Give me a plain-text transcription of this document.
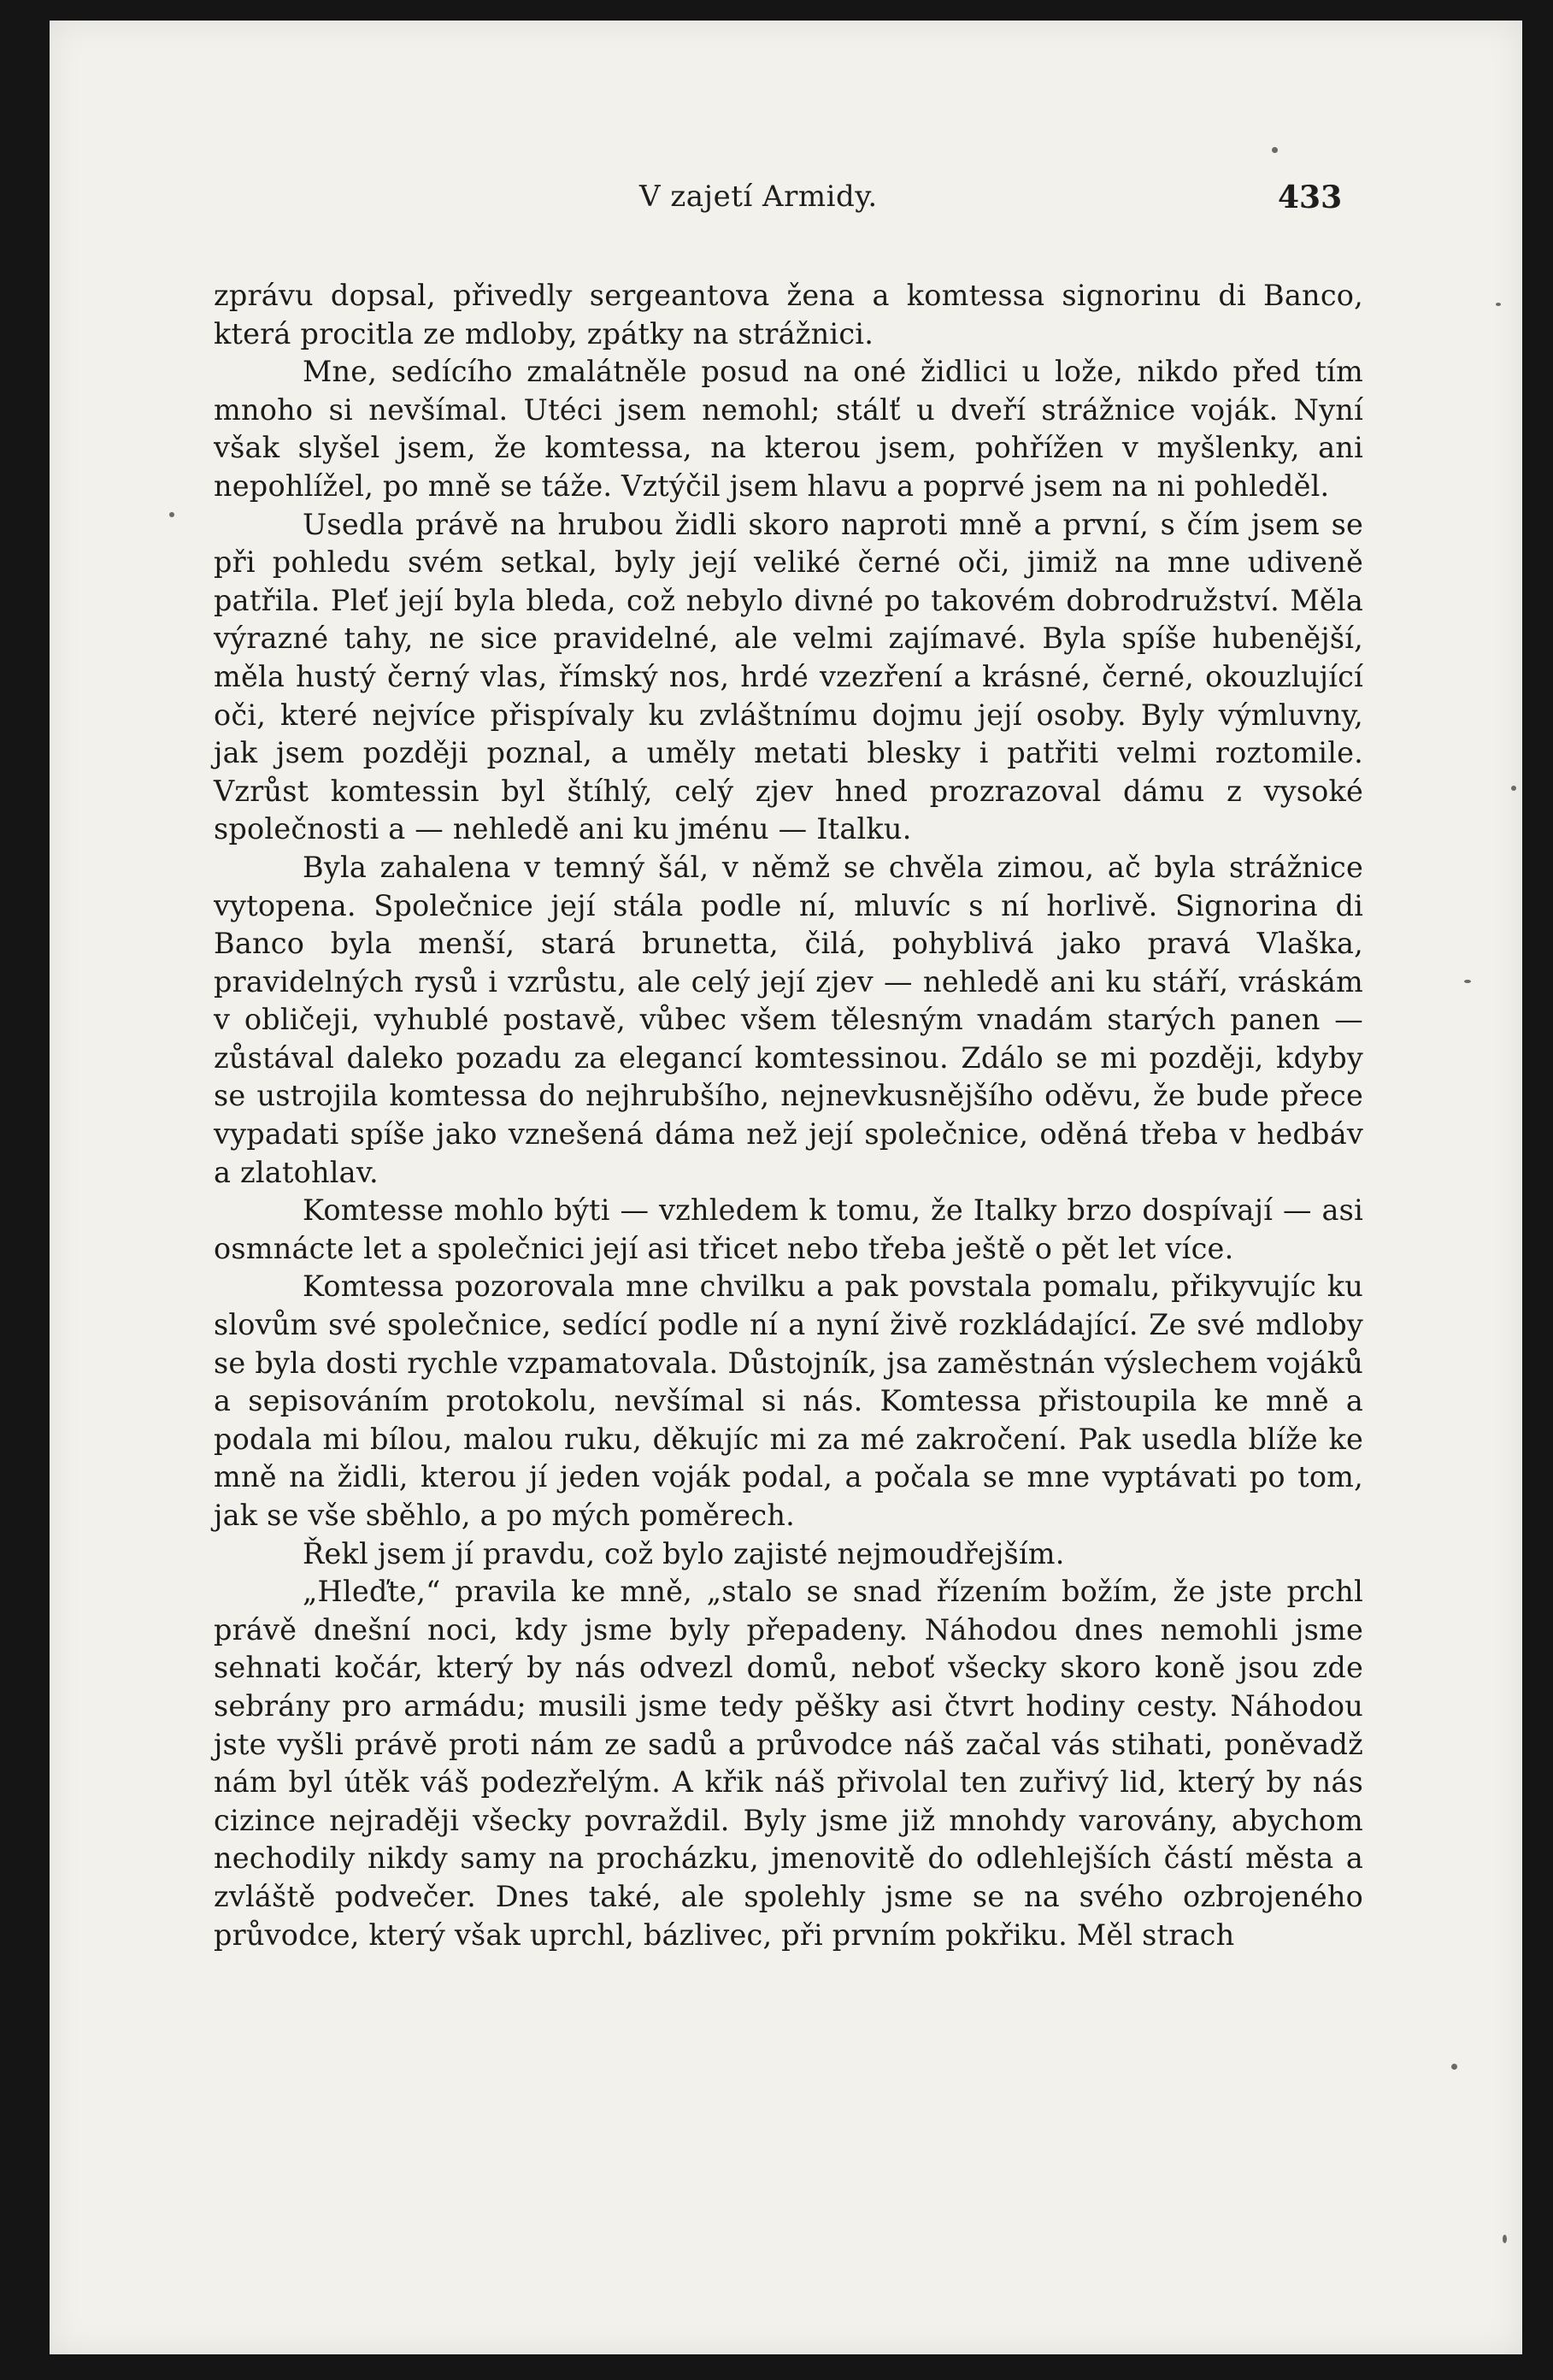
V zajetí Armidy.	433

zprávu dopsal, přivedly sergeantova žena a komtessa signorinu di Banco, která procitla ze mdloby, zpátky na strážnici.

Mne, sedícího zmalátněle posud na oné židlici u lože, nikdo před tím mnoho si nevšímal. Utéci jsem nemohl; stálť u dveří strážnice voják. Nyní však slyšel jsem, že komtessa, na kterou jsem, pohřížen v myšlenky, ani nepohlížel, po mně se táže. Vztýčil jsem hlavu a poprvé jsem na ni pohleděl.

Usedla právě na hrubou židli skoro naproti mně a první, s čím jsem se při pohledu svém setkal, byly její veliké černé oči, jimiž na mne udiveně patřila. Pleť její byla bleda, což nebylo divné po takovém dobrodružství. Měla výrazné tahy, ne sice pravidelné, ale velmi zajímavé. Byla spíše hubenější, měla hustý černý vlas, římský nos, hrdé vzezření a krásné, černé, okouzlující oči, které nejvíce přispívaly ku zvláštnímu dojmu její osoby. Byly výmluvny, jak jsem později poznal, a uměly metati blesky i patřiti velmi roztomile. Vzrůst komtessin byl štíhlý, celý zjev hned prozrazoval dámu z vysoké společnosti a — nehledě ani ku jménu — Italku.

Byla zahalena v temný šál, v němž se chvěla zimou, ač byla strážnice vytopena. Společnice její stála podle ní, mluvíc s ní horlivě. Signorina di Banco byla menší, stará brunetta, čilá, pohyblivá jako pravá Vlaška, pravidelných rysů i vzrůstu, ale celý její zjev — nehledě ani ku stáří, vráskám v obličeji, vyhublé postavě, vůbec všem tělesným vnadám starých panen — zůstával daleko pozadu za elegancí komtessinou. Zdálo se mi později, kdyby se ustrojila komtessa do nejhrubšího, nejnevkusnějšího oděvu, že bude přece vypadati spíše jako vznešená dáma než její společnice, oděná třeba v hedbáv a zlatohlav.

Komtesse mohlo býti — vzhledem k tomu, že Italky brzo dospívají — asi osmnácte let a společnici její asi třicet nebo třeba ještě o pět let více.

Komtessa pozorovala mne chvilku a pak povstala pomalu, přikyvujíc ku slovům své společnice, sedící podle ní a nyní živě rozkládající. Ze své mdloby se byla dosti rychle vzpamatovala. Důstojník, jsa zaměstnán výslechem vojáků a sepisováním protokolu, nevšímal si nás. Komtessa přistoupila ke mně a podala mi bílou, malou ruku, děkujíc mi za mé zakročení. Pak usedla blíže ke mně na židli, kterou jí jeden voják podal, a počala se mne vyptávati po tom, jak se vše sběhlo, a po mých poměrech.

Řekl jsem jí pravdu, což bylo zajisté nejmoudřejším.

„Hleďte,“ pravila ke mně, „stalo se snad řízením božím, že jste prchl právě dnešní noci, kdy jsme byly přepadeny. Náhodou dnes nemohli jsme sehnati kočár, který by nás odvezl domů, neboť všecky skoro koně jsou zde sebrány pro armádu; musili jsme tedy pěšky asi čtvrt hodiny cesty. Náhodou jste vyšli právě proti nám ze sadů a průvodce náš začal vás stihati, poněvadž nám byl útěk váš podezřelým. A křik náš přivolal ten zuřivý lid, který by nás cizince nejraději všecky povraždil. Byly jsme již mnohdy varovány, abychom nechodily nikdy samy na procházku, jmenovitě do odlehlejších částí města a zvláště podvečer. Dnes také, ale spolehly jsme se na svého ozbrojeného průvodce, který však uprchl, bázlivec, při prvním pokřiku. Měl strach
